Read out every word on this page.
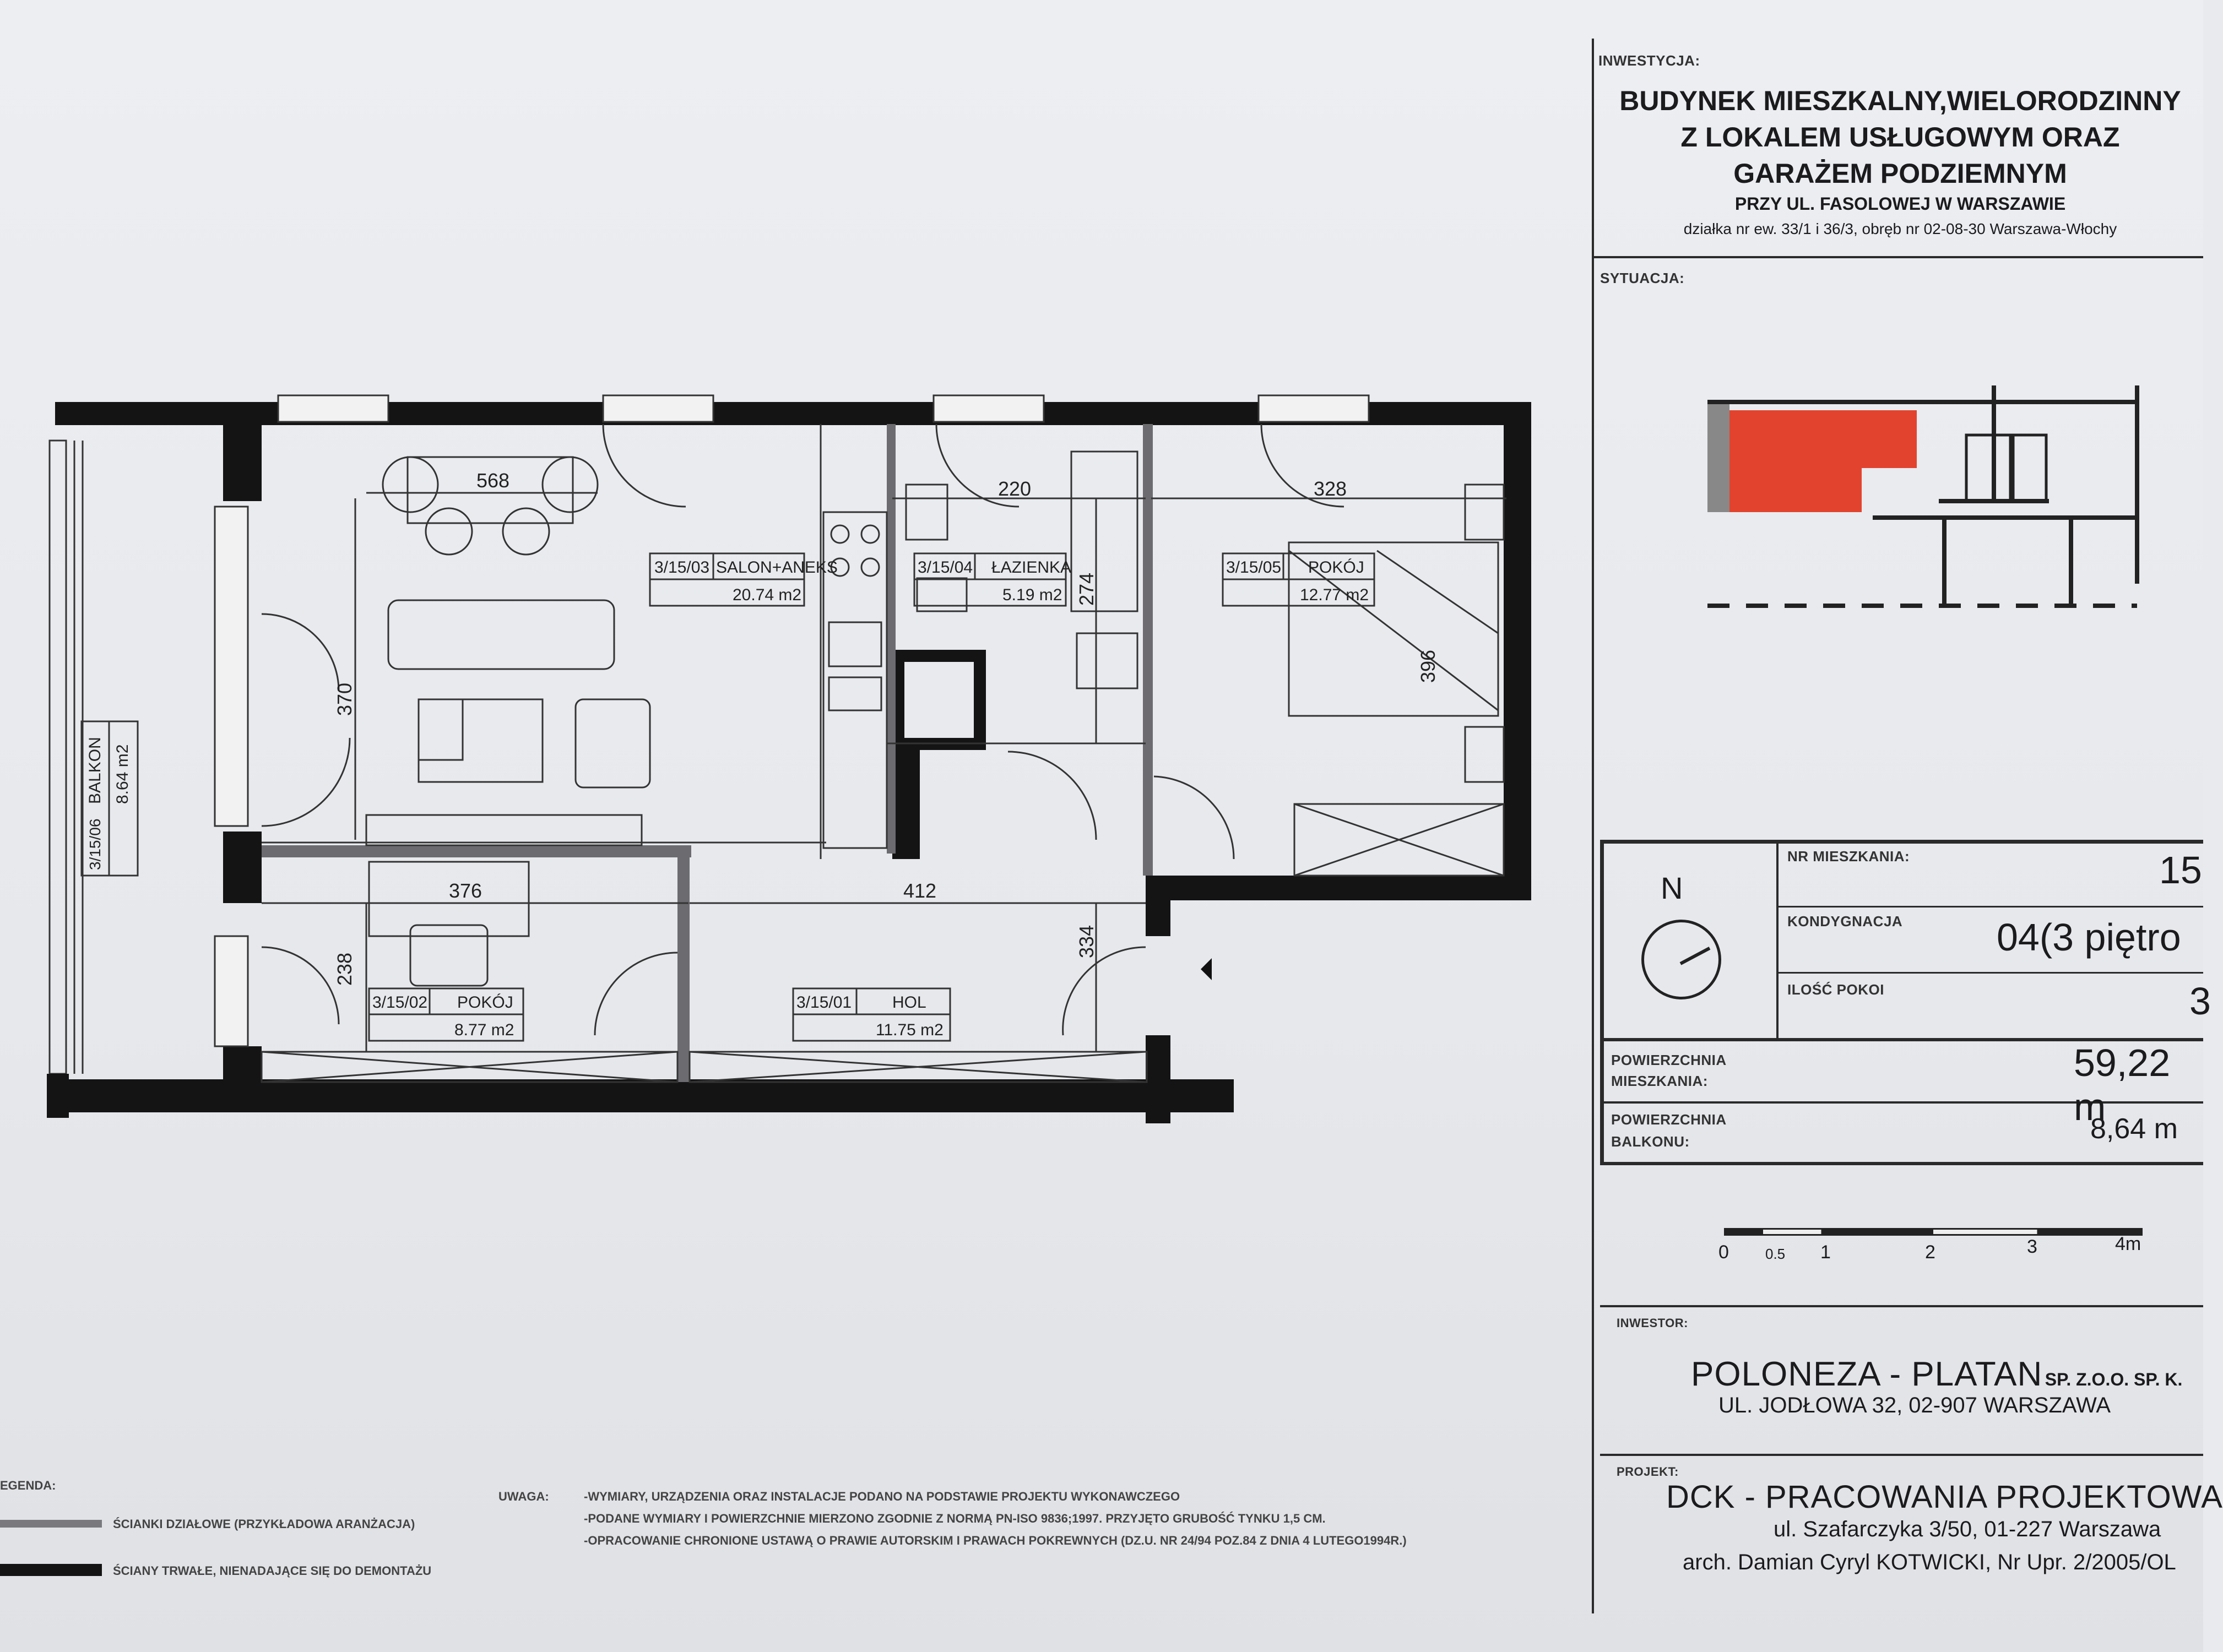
BALKON 8.64 m2
3/15/06
3/15/03 SALON+ANEKS
20.74 m2
3/15/04 ŁAZIENKA
5.19 m2
3/15/05 POKÓJ
12.77 m2
3/15/02 POKÓJ
8.77 m2
3/15/01 HOL
11.75 m2
568	220	328
376	412
370
274
396
238
334
INWESTYCJA:
BUDYNEK MIESZKALNY,WIELORODZINNY
Z LOKALEM USŁUGOWYM ORAZ
GARAŻEM PODZIEMNYM
PRZY UL. FASOLOWEJ W WARSZAWIE
działka nr ew. 33/1 i 36/3, obręb nr 02-08-30 Warszawa-Włochy
SYTUACJA:
N
NR MIESZKANIA:	15
KONDYGNACJA 04(3 piętro
ILOŚĆ POKOI	3
POWIERZCHNIA
MIESZKANIA:	59,22 m
POWIERZCHNIA
BALKONU:	8,64 m
0	0.5 1	2	3	4m
INWESTOR:
POLONEZA - PLATAN SP. Z.O.O. SP. K.
UL. JODŁOWA 32, 02-907 WARSZAWA
PROJEKT:
DCK - PRACOWANIA PROJEKTOWA
ul. Szafarczyka 3/50, 01-227 Warszawa
arch. Damian Cyryl KOTWICKI, Nr Upr. 2/2005/OL
EGENDA:
ŚCIANKI DZIAŁOWE (PRZYKŁADOWA ARANŻACJA)
ŚCIANY TRWAŁE, NIENADAJĄCE SIĘ DO DEMONTAŻU
UWAGA:	-WYMIARY, URZĄDZENIA ORAZ INSTALACJE PODANO NA PODSTAWIE PROJEKTU WYKONAWCZEGO
-PODANE WYMIARY I POWIERZCHNIE MIERZONO ZGODNIE Z NORMĄ PN-ISO 9836;1997. PRZYJĘTO GRUBOŚĆ TYNKU 1,5 CM.
-OPRACOWANIE CHRONIONE USTAWĄ O PRAWIE AUTORSKIM I PRAWACH POKREWNYCH (DZ.U. NR 24/94 POZ.84 Z DNIA 4 LUTEGO1994R.)
